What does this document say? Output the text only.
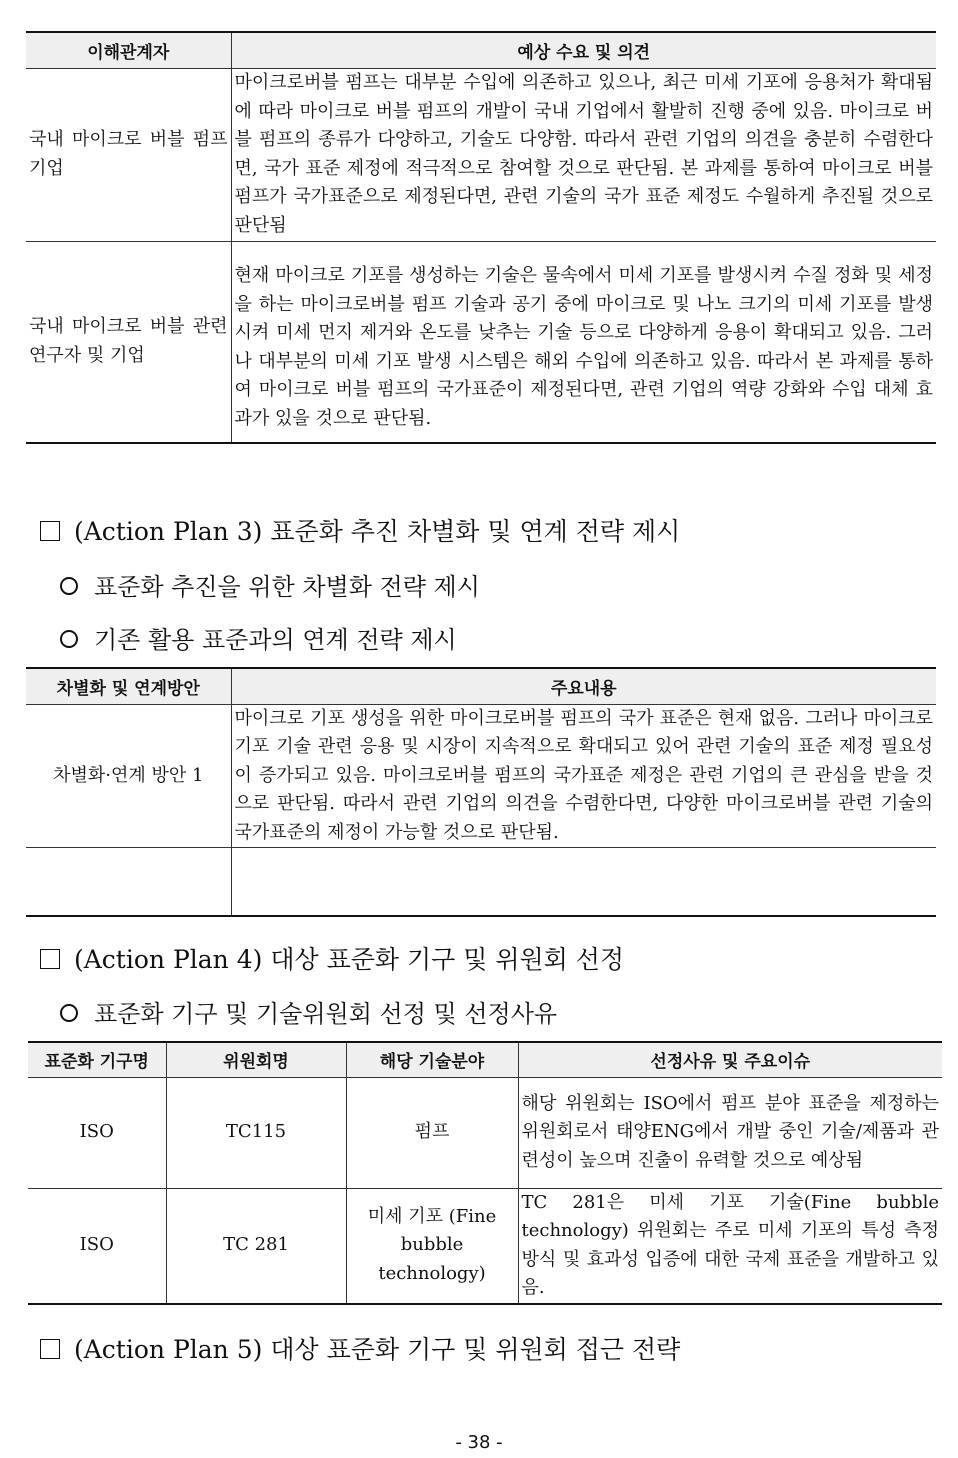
이해관계자	예상 수요 및 의견
국내 마이크로 버블 펌프 기업	마이크로버블 펌프는 대부분 수입에 의존하고 있으나, 최근 미세 기포에 응용처가 확대됨에 따라 마이크로 버블 펌프의 개발이 국내 기업에서 활발히 진행 중에 있음. 마이크로 버블 펌프의 종류가 다양하고, 기술도 다양함. 따라서 관련 기업의 의견을 충분히 수렴한다면, 국가 표준 제정에 적극적으로 참여할 것으로 판단됨. 본 과제를 통하여 마이크로 버블 펌프가 국가표준으로 제정된다면, 관련 기술의 국가 표준 제정도 수월하게 추진될 것으로 판단됨
국내 마이크로 버블 관련 연구자 및 기업	현재 마이크로 기포를 생성하는 기술은 물속에서 미세 기포를 발생시켜 수질 정화 및 세정을 하는 마이크로버블 펌프 기술과 공기 중에 마이크로 및 나노 크기의 미세 기포를 발생시켜 미세 먼지 제거와 온도를 낮추는 기술 등으로 다양하게 응용이 확대되고 있음. 그러나 대부분의 미세 기포 발생 시스템은 해외 수입에 의존하고 있음. 따라서 본 과제를 통하여 마이크로 버블 펌프의 국가표준이 제정된다면, 관련 기업의 역량 강화와 수입 대체 효과가 있을 것으로 판단됨.
(Action Plan 3) 표준화 추진 차별화 및 연계 전략 제시
표준화 추진을 위한 차별화 전략 제시
기존 활용 표준과의 연계 전략 제시
차별화 및 연계방안	주요내용
차별화·연계 방안 1	마이크로 기포 생성을 위한 마이크로버블 펌프의 국가 표준은 현재 없음. 그러나 마이크로 기포 기술 관련 응용 및 시장이 지속적으로 확대되고 있어 관련 기술의 표준 제정 필요성이 증가되고 있음. 마이크로버블 펌프의 국가표준 제정은 관련 기업의 큰 관심을 받을 것으로 판단됨. 따라서 관련 기업의 의견을 수렴한다면, 다양한 마이크로버블 관련 기술의 국가표준의 제정이 가능할 것으로 판단됨.

(Action Plan 4) 대상 표준화 기구 및 위원회 선정
표준화 기구 및 기술위원회 선정 및 선정사유
표준화 기구명	위원회명	해당 기술분야	선정사유 및 주요이슈
ISO	TC115	펌프	해당 위원회는 ISO에서 펌프 분야 표준을 제정하는 위원회로서 태양ENG에서 개발 중인 기술/제품과 관련성이 높으며 진출이 유력할 것으로 예상됨
ISO	TC 281	미세 기포 (Fine bubble technology)	TC 281은 미세 기포 기술(Fine bubble technology) 위원회는 주로 미세 기포의 특성 측정 방식 및 효과성 입증에 대한 국제 표준을 개발하고 있음.
(Action Plan 5) 대상 표준화 기구 및 위원회 접근 전략
- 38 -
